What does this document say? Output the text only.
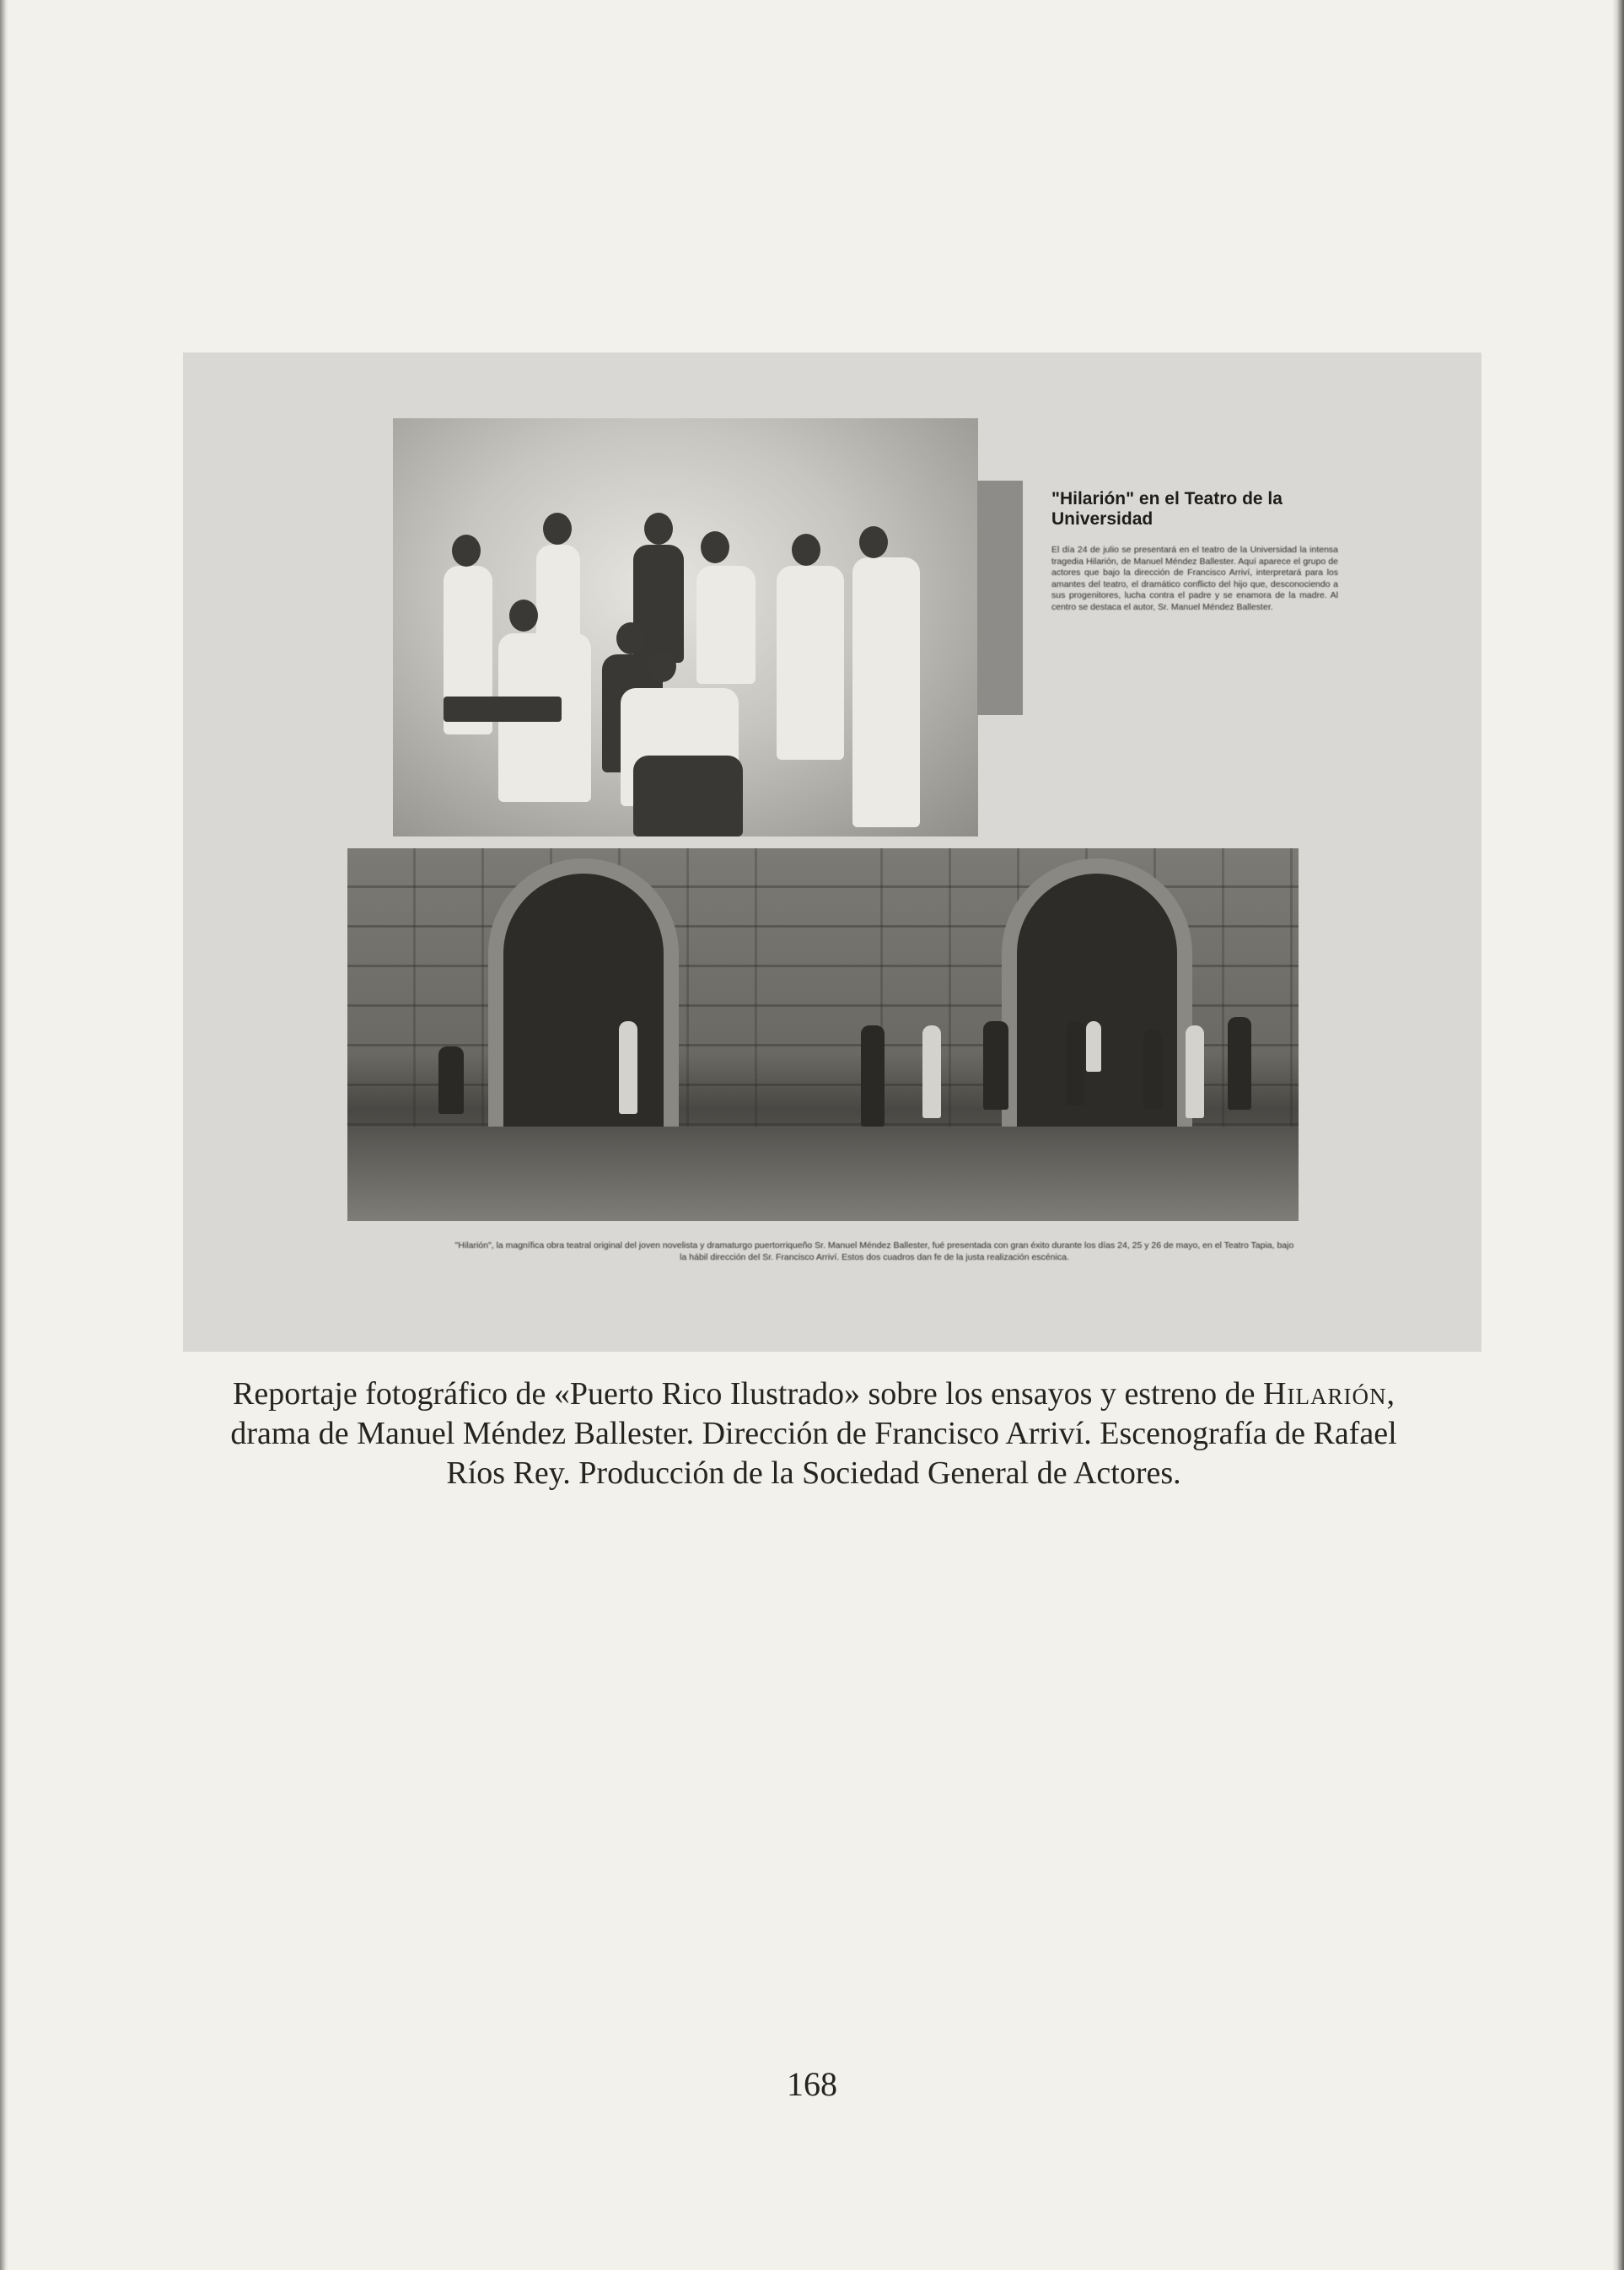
"Hilarión" en el Teatro de la Universidad

El día 24 de julio se presentará en el teatro de la Universidad la intensa tragedia Hilarión, de Manuel Méndez Ballester. Aquí aparece el grupo de actores que bajo la dirección de Francisco Arriví, interpretará para los amantes del teatro, el dramático conflicto del hijo que, desconociendo a sus progenitores, lucha contra el padre y se enamora de la madre. Al centro se destaca el autor, Sr. Manuel Méndez Ballester.

"Hilarión", la magnífica obra teatral original del joven novelista y dramaturgo puertorriqueño Sr. Manuel Méndez Ballester, fué presentada con gran éxito durante los días 24, 25 y 26 de mayo, en el Teatro Tapia, bajo la hábil dirección del Sr. Francisco Arriví. Estos dos cuadros dan fe de la justa realización escénica.

Reportaje fotográfico de «Puerto Rico Ilustrado» sobre los ensayos y estreno de Hilarión, drama de Manuel Méndez Ballester. Dirección de Francisco Arriví. Escenografía de Rafael Ríos Rey. Producción de la Sociedad General de Actores.

168
